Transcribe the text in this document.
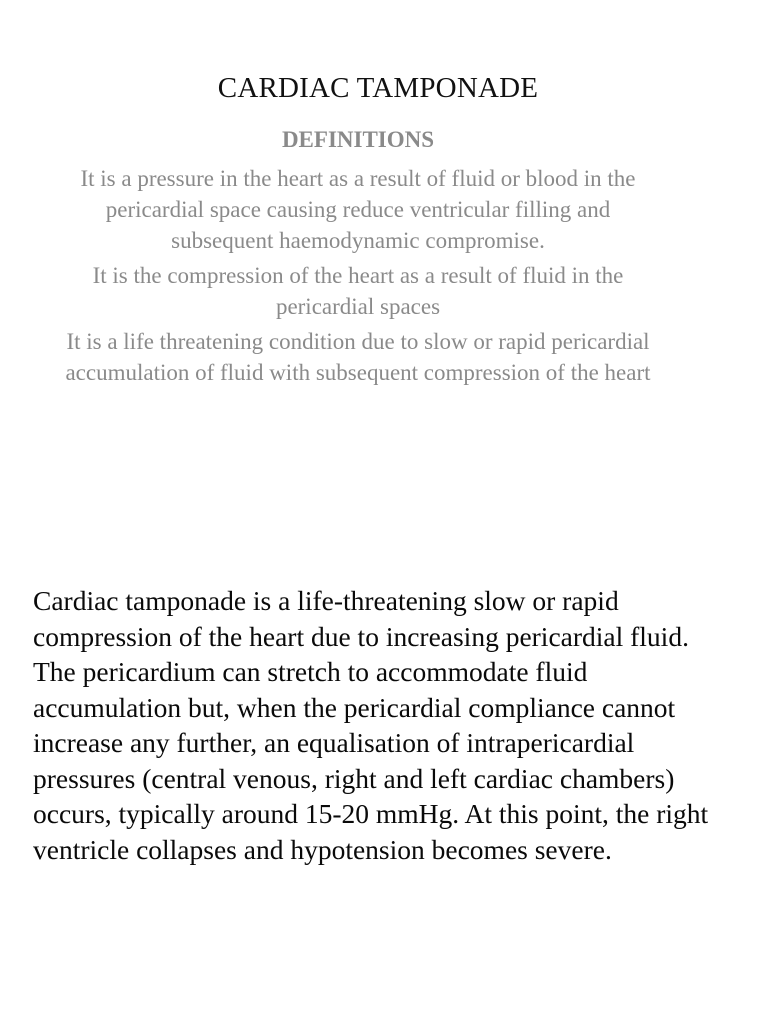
CARDIAC TAMPONADE
DEFINITIONS

It is a pressure in the heart as a result of fluid or blood in the pericardial space causing reduce ventricular filling and subsequent haemodynamic compromise.

It is the compression of the heart as a result of fluid in the pericardial spaces

It is a life threatening condition due to slow or rapid pericardial accumulation of fluid with subsequent compression of the heart

Cardiac tamponade is a life-threatening slow or rapid compression of the heart due to increasing pericardial fluid. The pericardium can stretch to accommodate fluid accumulation but, when the pericardial compliance cannot increase any further, an equalisation of intrapericardial pressures (central venous, right and left cardiac chambers) occurs, typically around 15-20 mmHg. At this point, the right ventricle collapses and hypotension becomes severe.
